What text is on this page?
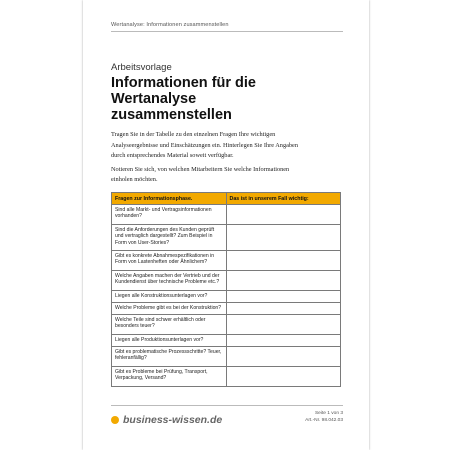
Wertanalyse: Informationen zusammenstellen
Arbeitsvorlage
Informationen für die
Wertanalyse
zusammenstellen

Tragen Sie in der Tabelle zu den einzelnen Fragen Ihre wichtigen
Analyseergebnisse und Einschätzungen ein. Hinterlegen Sie Ihre Angaben
durch entsprechendes Material soweit verfügbar.

Notieren Sie sich, von welchen Mitarbeitern Sie welche Informationen
einholen möchten.

Fragen zur Informationsphase.	Das ist in unserem Fall wichtig:

Sind alle Markt- und Vertragsinformationen
vorhanden?	

Sind die Anforderungen des Kunden geprüft
und vertraglich dargestellt? Zum Beispiel in
Form von User-Stories?	

Gibt es konkrete Abnahmespezifikationen in
Form von Lastenheften oder Ähnlichem?	

Welche Angaben machen der Vertrieb und der
Kundendienst über technische Probleme etc.?	

Liegen alle Konstruktionsunterlagen vor?	

Welche Probleme gibt es bei der Konstruktion?	

Welche Teile sind schwer erhältlich oder
besonders teuer?	

Liegen alle Produktionsunterlagen vor?	

Gibt es problematische Prozessschritte? Teuer,
fehleranfällig?	

Gibt es Probleme bei Prüfung, Transport,
Verpackung, Versand?	

business-wissen.de
Seite 1 von 3
Art.-Nr. 98.042.03
